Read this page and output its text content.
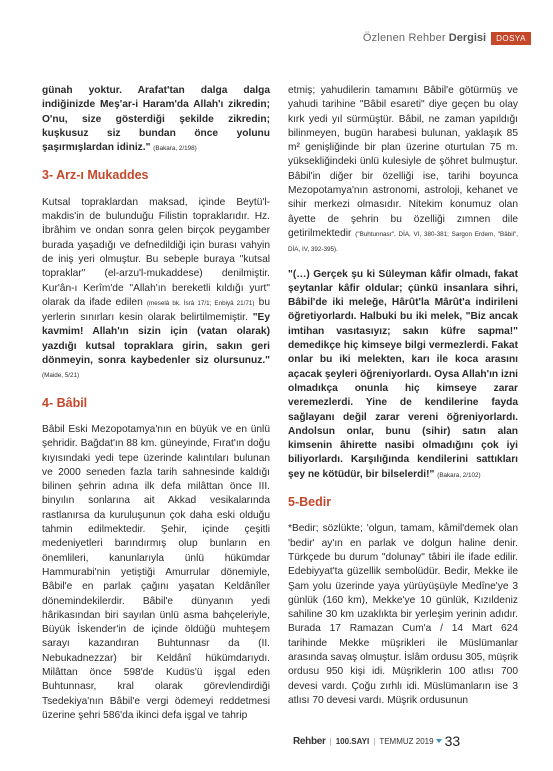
Özlenen Rehber Dergisi	DOSYA

günah yoktur. Arafat'tan dalga dalga indiğinizde Meş'ar-i Haram'da Allah'ı zikredin; O'nu, size gösterdiği şekilde zikredin; kuşkusuz siz bundan önce yolunu şaşırmışlardan idiniz." (Bakara, 2/198)

3- Arz-ı Mukaddes

Kutsal topraklardan maksad, içinde Beytü'l-makdis'in de bulunduğu Filistin topraklarıdır. Hz. İbrâhim ve ondan sonra gelen birçok peygamber burada yaşadığı ve defnedildiği için burası vahyin de iniş yeri olmuştur. Bu sebeple buraya "kutsal topraklar" (el-arzu'l-mukaddese) denilmiştir. Kur'ân-ı Kerîm'de "Allah'ın bereketli kıldığı yurt" olarak da ifade edilen (meselâ bk. İsrâ 17/1; Enbiyâ 21/71) bu yerlerin sınırları kesin olarak belirtilmemiştir. "Ey kavmim! Allah'ın sizin için (vatan olarak) yazdığı kutsal topraklara girin, sakın geri dönmeyin, sonra kaybedenler siz olursunuz." (Maide, 5/21)

4- Bâbil

Bâbil Eski Mezopotamya'nın en büyük ve en ünlü şehridir. Bağdat'ın 88 km. güneyinde, Fırat'ın doğu kıyısındaki yedi tepe üzerinde kalıntıları bulunan ve 2000 seneden fazla tarih sahnesinde kaldığı bilinen şehrin adına ilk defa milâttan önce III. binyılın sonlarına ait Akkad vesikalarında rastlanırsa da kuruluşunun çok daha eski olduğu tahmin edilmektedir. Şehir, içinde çeşitli medeniyetleri barındırmış olup bunların en önemlileri, kanunlarıyla ünlü hükümdar Hammurabi'nin yetiştiği Amurrular dönemiyle, Bâbil'e en parlak çağını yaşatan Keldânîler dönemindekilerdir. Bâbil'e dünyanın yedi hârikasından biri sayılan ünlü asma bahçeleriyle, Büyük İskender'in de içinde öldüğü muhteşem sarayı kazandıran Buhtunnasr da (II. Nebukadnezzar) bir Keldânî hükümdarıydı. Milâttan önce 598'de Kudüs'ü işgal eden Buhtunnasr, kral olarak görevlendirdiği Tsedekiya'nın Bâbil'e vergi ödemeyi reddetmesi üzerine şehri 586'da ikinci defa işgal ve tahrip

etmiş; yahudilerin tamamını Bâbil'e götürmüş ve yahudi tarihine "Bâbil esareti" diye geçen bu olay kırk yedi yıl sürmüştür. Bâbil, ne zaman yapıldığı bilinmeyen, bugün harabesi bulunan, yaklaşık 85 m² genişliğinde bir plan üzerine oturtulan 75 m. yüksekliğindeki ünlü kulesiyle de şöhret bulmuştur. Bâbil'in diğer bir özelliği ise, tarihi boyunca Mezopotamya'nın astronomi, astroloji, kehanet ve sihir merkezi olmasıdır. Nitekim konumuz olan âyette de şehrin bu özelliği zımnen dile getirilmektedir ("Buhtunnasr", DİA, VI, 380-381; Sargon Erdem, "Bâbil", DİA, IV, 392-395).

"(…) Gerçek şu ki Süleyman kâfir olmadı, fakat şeytanlar kâfir oldular; çünkü insanlara sihri, Bâbil'de iki meleğe, Hârût'la Mârût'a indirileni öğretiyorlardı. Halbuki bu iki melek, "Biz ancak imtihan vasıtasıyız; sakın küfre sapma!" demedikçe hiç kimseye bilgi vermezlerdi. Fakat onlar bu iki melekten, karı ile koca arasını açacak şeyleri öğreniyorlardı. Oysa Allah'ın izni olmadıkça onunla hiç kimseye zarar veremezlerdi. Yine de kendilerine fayda sağlayanı değil zarar vereni öğreniyorlardı. Andolsun onlar, bunu (sihir) satın alan kimsenin âhirette nasibi olmadığını çok iyi biliyorlardı. Karşılığında kendilerini sattıkları şey ne kötüdür, bir bilselerdi!" (Bakara, 2/102)

5-Bedir

*Bedir; sözlükte; 'olgun, tamam, kâmil'demek olan 'bedir' ay'ın en parlak ve dolgun haline denir. Türkçede bu durum "dolunay" tâbiri ile ifade edilir. Edebiyyat'ta güzellik sembolüdür. Bedir, Mekke ile Şam yolu üzerinde yaya yürüyüşüyle Medîne'ye 3 günlük (160 km), Mekke'ye 10 günlük, Kızıldeniz sahiline 30 km uzaklıkta bir yerleşim yerinin adıdır. Burada 17 Ramazan Cum'a / 14 Mart 624 tarihinde Mekke müşrikleri ile Müslümanlar arasında savaş olmuştur. İslâm ordusu 305, müşrik ordusu 950 kişi idi. Müşriklerin 100 atlısı 700 devesi vardı. Çoğu zırhlı idi. Müslümanların ise 3 atlısı 70 devesi vardı. Müşrik ordusunun

Rehber | 100.SAYI | TEMMUZ 2019 33
